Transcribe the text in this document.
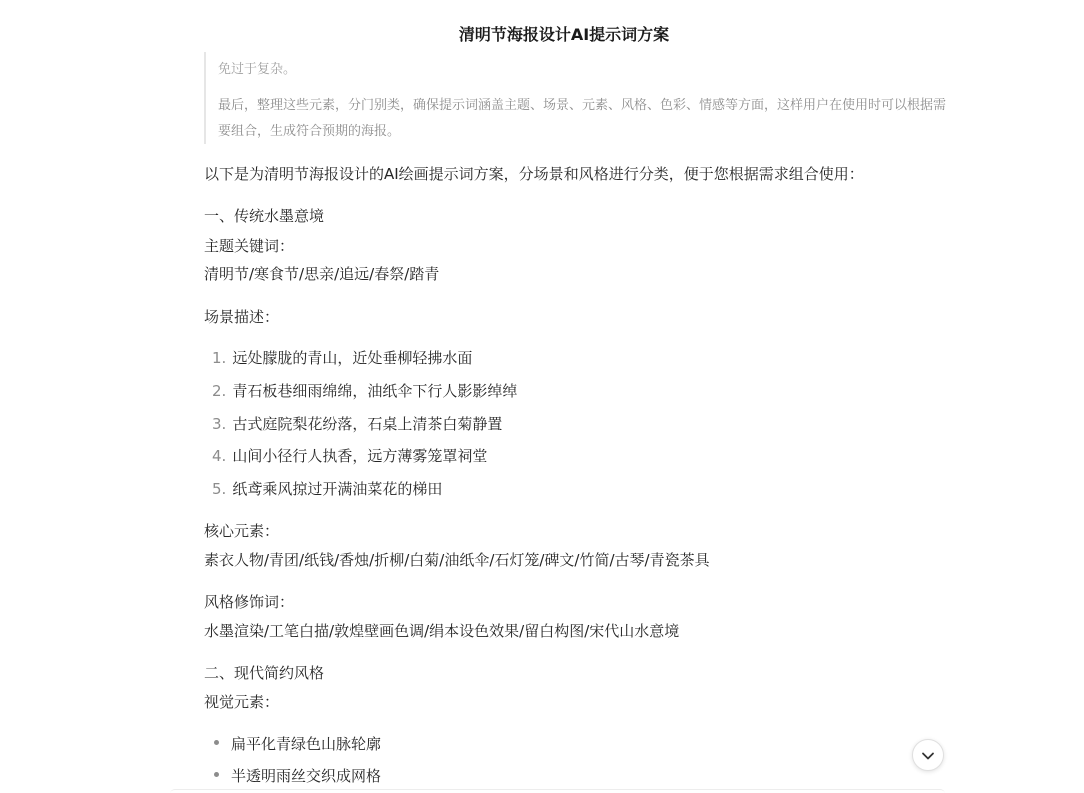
清明节海报设计AI提示词方案
免过于复杂。
最后，整理这些元素，分门别类，确保提示词涵盖主题、场景、元素、风格、色彩、情感等方面，这样用户在使用时可以根据需要组合，生成符合预期的海报。
以下是为清明节海报设计的AI绘画提示词方案，分场景和风格进行分类，便于您根据需求组合使用：
一、传统水墨意境
主题关键词：
清明节/寒食节/思亲/追远/春祭/踏青
场景描述：
1. 远处朦胧的青山，近处垂柳轻拂水面
2. 青石板巷细雨绵绵，油纸伞下行人影影绰绰
3. 古式庭院梨花纷落，石桌上清茶白菊静置
4. 山间小径行人执香，远方薄雾笼罩祠堂
5. 纸鸢乘风掠过开满油菜花的梯田
核心元素：
素衣人物/青团/纸钱/香烛/折柳/白菊/油纸伞/石灯笼/碑文/竹简/古琴/青瓷茶具
风格修饰词：
水墨渲染/工笔白描/敦煌壁画色调/绢本设色效果/留白构图/宋代山水意境
二、现代简约风格
视觉元素：
扁平化青绿色山脉轮廓
半透明雨丝交织成网格
